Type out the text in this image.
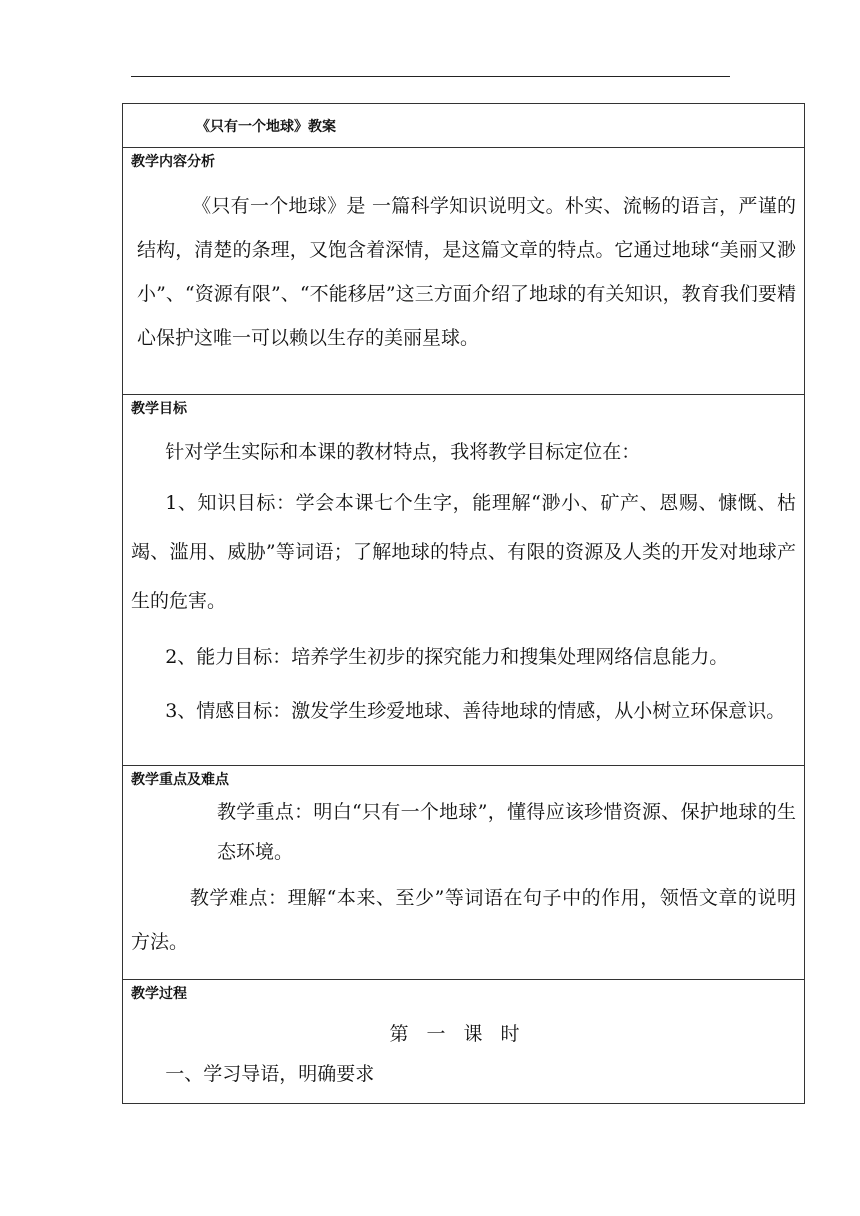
《只有一个地球》教案
教学内容分析

《只有一个地球》是 一篇科学知识说明文。朴实、流畅的语言，严谨的结构，清楚的条理，又饱含着深情，是这篇文章的特点。它通过地球“美丽又渺小”、“资源有限”、“不能移居”这三方面介绍了地球的有关知识，教育我们要精心保护这唯一可以赖以生存的美丽星球。

教学目标

针对学生实际和本课的教材特点，我将教学目标定位在：

1、知识目标：学会本课七个生字，能理解“渺小、矿产、恩赐、慷慨、枯竭、滥用、威胁”等词语；了解地球的特点、有限的资源及人类的开发对地球产生的危害。

2、能力目标：培养学生初步的探究能力和搜集处理网络信息能力。

3、情感目标：激发学生珍爱地球、善待地球的情感，从小树立环保意识。

教学重点及难点

教学重点：明白“只有一个地球”，懂得应该珍惜资源、保护地球的生态环境。

教学难点：理解“本来、至少”等词语在句子中的作用，领悟文章的说明方法。

教学过程

第一课时

一、学习导语，明确要求
